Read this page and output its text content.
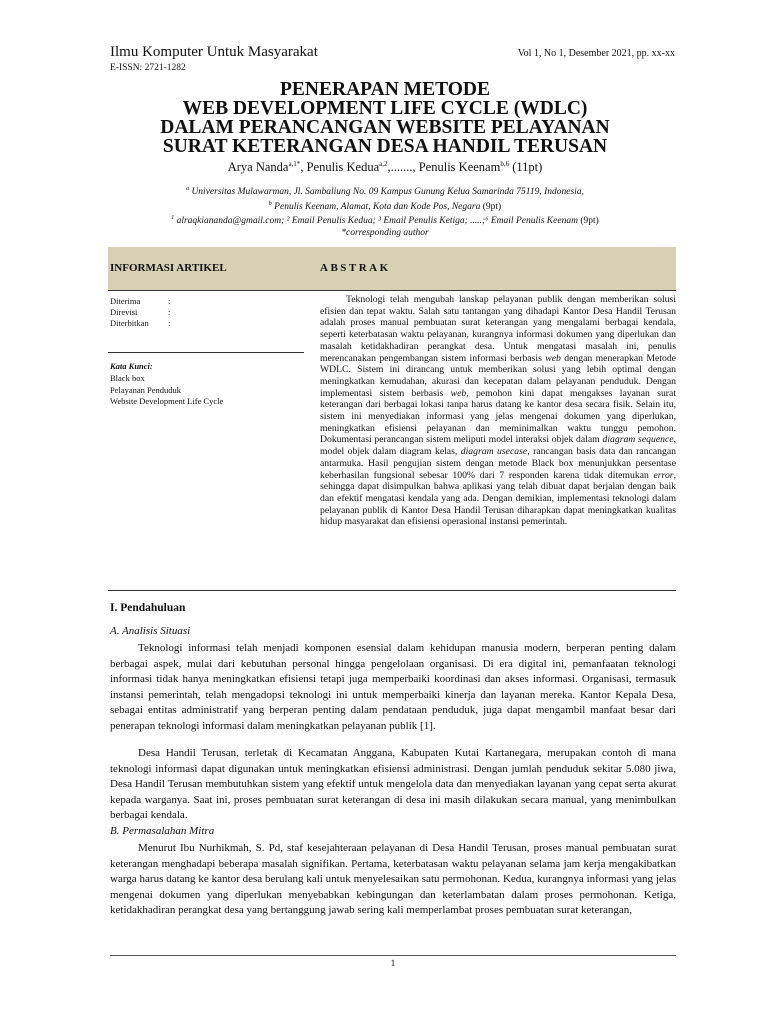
Ilmu Komputer Untuk Masyarakat
E-ISSN: 2721-1282
Vol 1, No 1, Desember 2021, pp. xx-xx
PENERAPAN METODE
WEB DEVELOPMENT LIFE CYCLE (WDLC)
DALAM PERANCANGAN WEBSITE PELAYANAN
SURAT KETERANGAN DESA HANDIL TERUSAN
Arya Nanda$^{a,1*}$, Penulis Kedua$^{a,2}$,......., Penulis Keenam$^{b,6}$ (11pt)
$^a$ Universitas Mulawarman, Jl. Sambaliung No. 09 Kampus Gunung Kelua Samarinda 75119, Indonesia,
$^b$ Penulis Keenam, Alamat, Kota dan Kode Pos, Negara (9pt)
$^1$ alraqkiananda@gmail.com; ² Email Penulis Kedua; ³ Email Penulis Ketiga; .....;⁶ Email Penulis Keenam (9pt)
*corresponding author
INFORMASI ARTIKEL	ABSTRAK
Diterima	:
Direvisi	:
Diterbitkan :
Kata Kunci:
Black box
Pelayanan Penduduk
Website Development Life Cycle
Teknologi telah mengubah lanskap pelayanan publik dengan memberikan solusi efisien dan tepat waktu. Salah satu tantangan yang dihadapi Kantor Desa Handil Terusan adalah proses manual pembuatan surat keterangan yang mengalami berbagai kendala, seperti keterbatasan waktu pelayanan, kurangnya informasi dokumen yang diperlukan dan masalah ketidakhadiran perangkat desa. Untuk mengatasi masalah ini, penulis merencanakan pengembangan sistem informasi berbasis web dengan menerapkan Metode WDLC. Sistem ini dirancang untuk memberikan solusi yang lebih optimal dengan meningkatkan kemudahan, akurasi dan kecepatan dalam pelayanan penduduk. Dengan implementasi sistem berbasis web, pemohon kini dapat mengakses layanan surat keterangan dari berbagai lokasi tanpa harus datang ke kantor desa secara fisik. Selain itu, sistem ini menyediakan informasi yang jelas mengenai dokumen yang diperlukan, meningkatkan efisiensi pelayanan dan meminimalkan waktu tunggu pemohon. Dokumentasi perancangan sistem meliputi model interaksi objek dalam diagram sequence, model objek dalam diagram kelas, diagram usecase, rancangan basis data dan rancangan antarmuka. Hasil pengujian sistem dengan metode Black box menunjukkan persentase keberhasilan fungsional sebesar 100% dari 7 responden karena tidak ditemukan error, sehingga dapat disimpulkan bahwa aplikasi yang telah dibuat dapat berjalan dengan baik dan efektif mengatasi kendala yang ada. Dengan demikian, implementasi teknologi dalam pelayanan publik di Kantor Desa Handil Terusan diharapkan dapat meningkatkan kualitas hidup masyarakat dan efisiensi operasional instansi pemerintah.
I. Pendahuluan
A. Analisis Situasi
Teknologi informasi telah menjadi komponen esensial dalam kehidupan manusia modern, berperan penting dalam berbagai aspek, mulai dari kebutuhan personal hingga pengelolaan organisasi. Di era digital ini, pemanfaatan teknologi informasi tidak hanya meningkatkan efisiensi tetapi juga memperbaiki koordinasi dan akses informasi. Organisasi, termasuk instansi pemerintah, telah mengadopsi teknologi ini untuk memperbaiki kinerja dan layanan mereka. Kantor Kepala Desa, sebagai entitas administratif yang berperan penting dalam pendataan penduduk, juga dapat mengambil manfaat besar dari penerapan teknologi informasi dalam meningkatkan pelayanan publik [1].
Desa Handil Terusan, terletak di Kecamatan Anggana, Kabupaten Kutai Kartanegara, merupakan contoh di mana teknologi informasi dapat digunakan untuk meningkatkan efisiensi administrasi. Dengan jumlah penduduk sekitar 5.080 jiwa, Desa Handil Terusan membutuhkan sistem yang efektif untuk mengelola data dan menyediakan layanan yang cepat serta akurat kepada warganya. Saat ini, proses pembuatan surat keterangan di desa ini masih dilakukan secara manual, yang menimbulkan berbagai kendala.
B. Permasalahan Mitra
Menurut Ibu Nurhikmah, S. Pd, staf kesejahteraan pelayanan di Desa Handil Terusan, proses manual pembuatan surat keterangan menghadapi beberapa masalah signifikan. Pertama, keterbatasan waktu pelayanan selama jam kerja mengakibatkan warga harus datang ke kantor desa berulang kali untuk menyelesaikan satu permohonan. Kedua, kurangnya informasi yang jelas mengenai dokumen yang diperlukan menyebabkan kebingungan dan keterlambatan dalam proses permohonan. Ketiga, ketidakhadiran perangkat desa yang bertanggung jawab sering kali memperlambat proses pembuatan surat keterangan,
1
